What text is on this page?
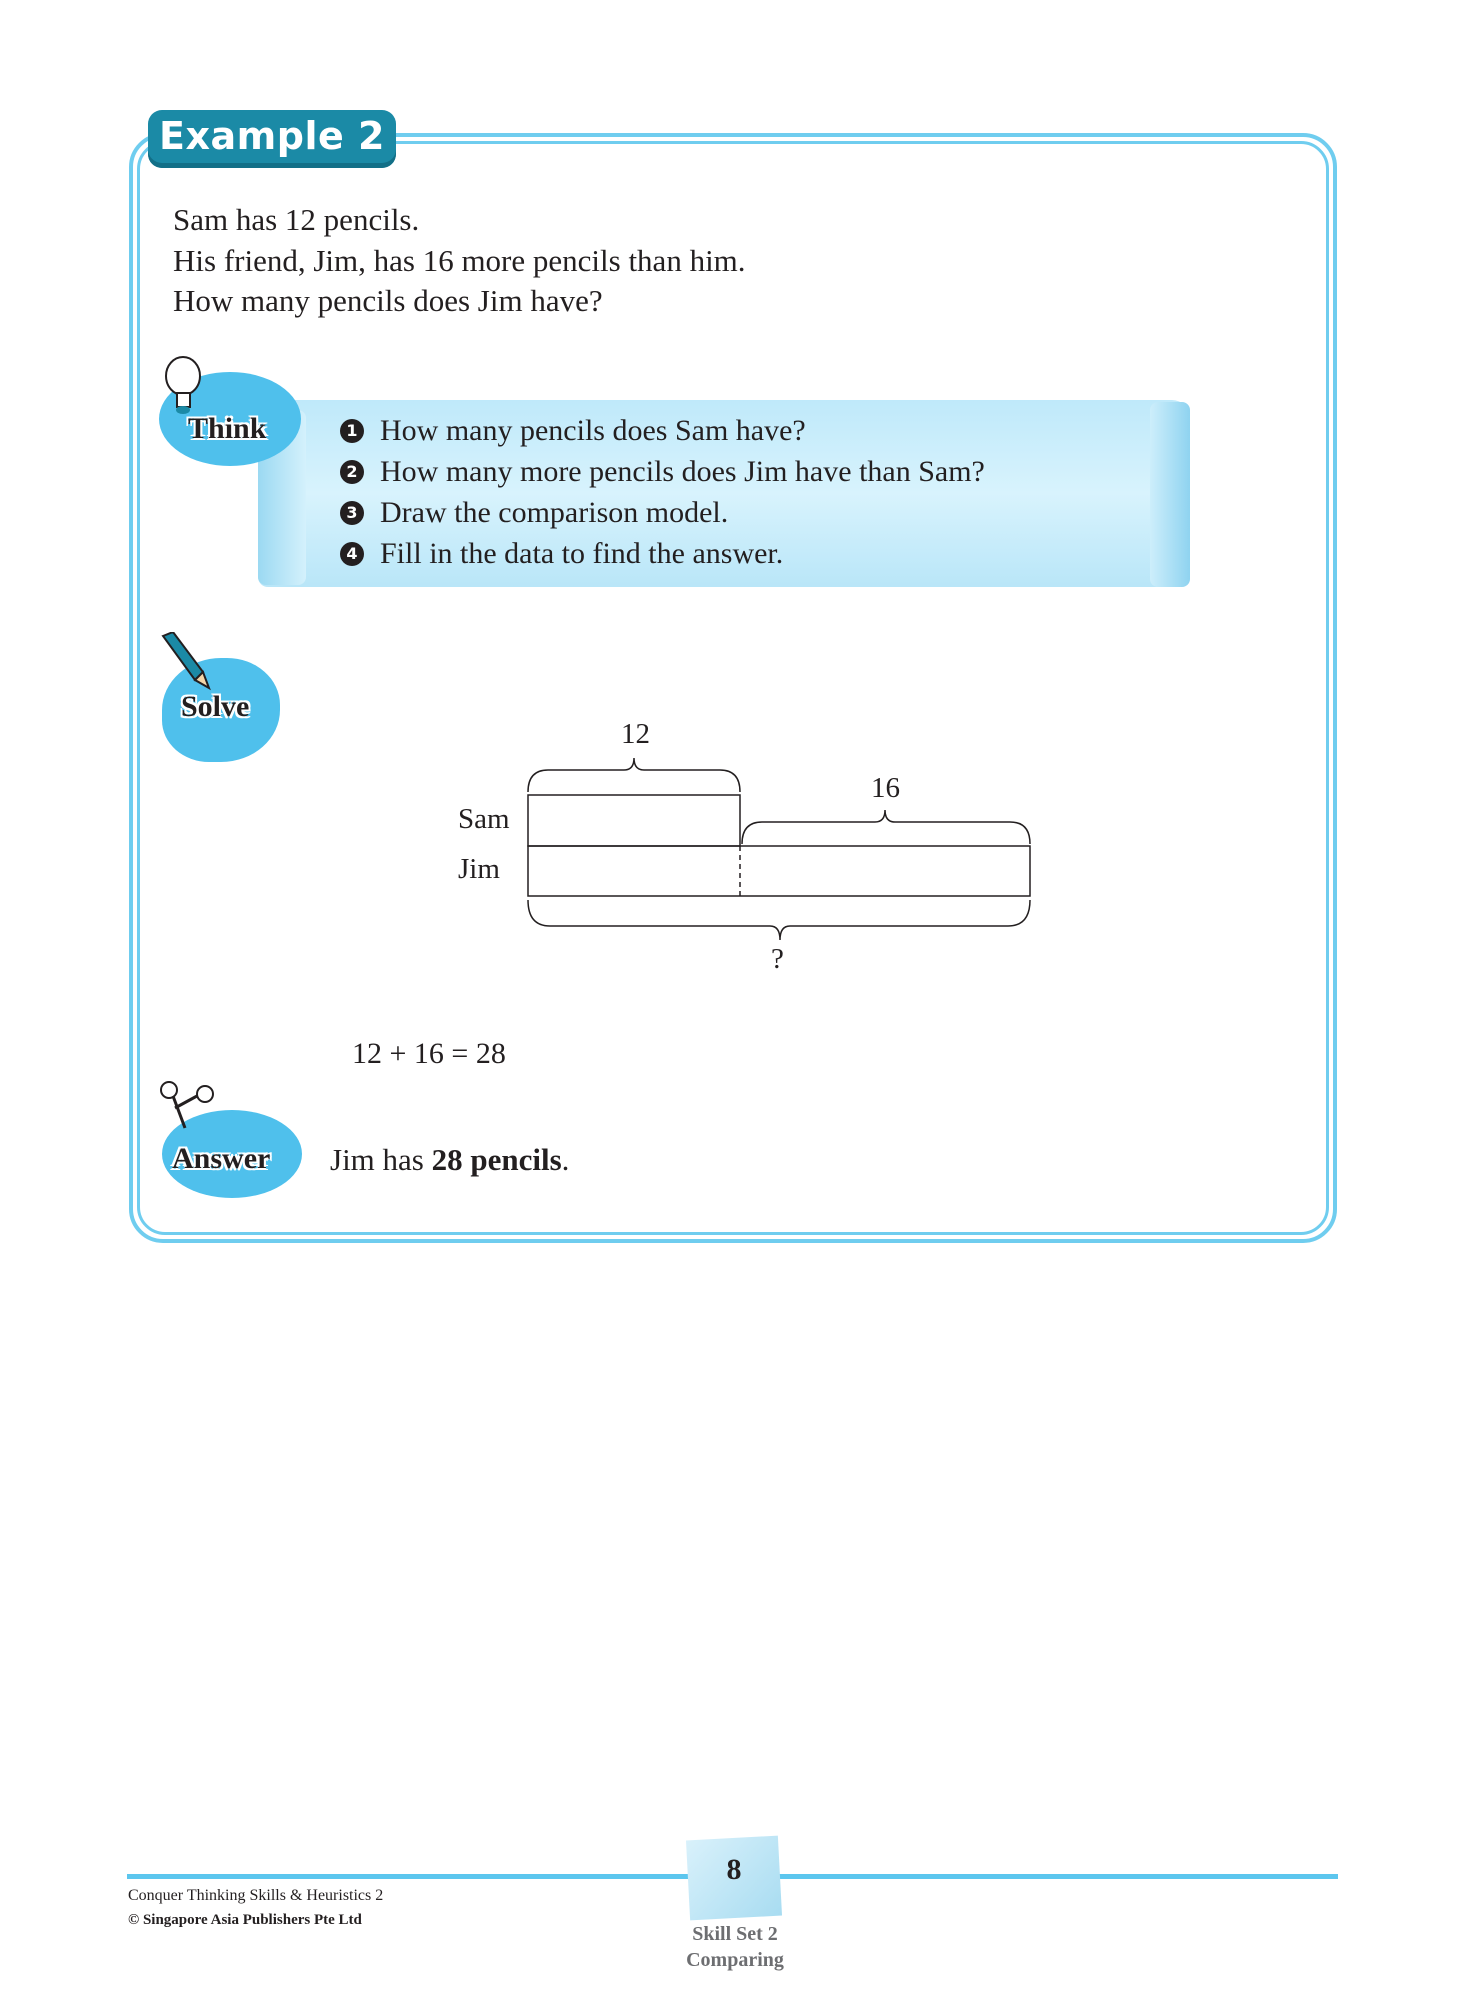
Example 2
Sam has 12 pencils.
His friend, Jim, has 16 more pencils than him.
How many pencils does Jim have?
Think	1 How many pencils does Sam have?
2 How many more pencils does Jim have than Sam?
3 Draw the comparison model.
4 Fill in the data to find the answer.
Solve
12
16
?
Sam
Jim
12 + 16 = 28
Answer Jim has 28 pencils.
8
Skill Set 2
Comparing
Conquer Thinking Skills & Heuristics 2
© Singapore Asia Publishers Pte Ltd
